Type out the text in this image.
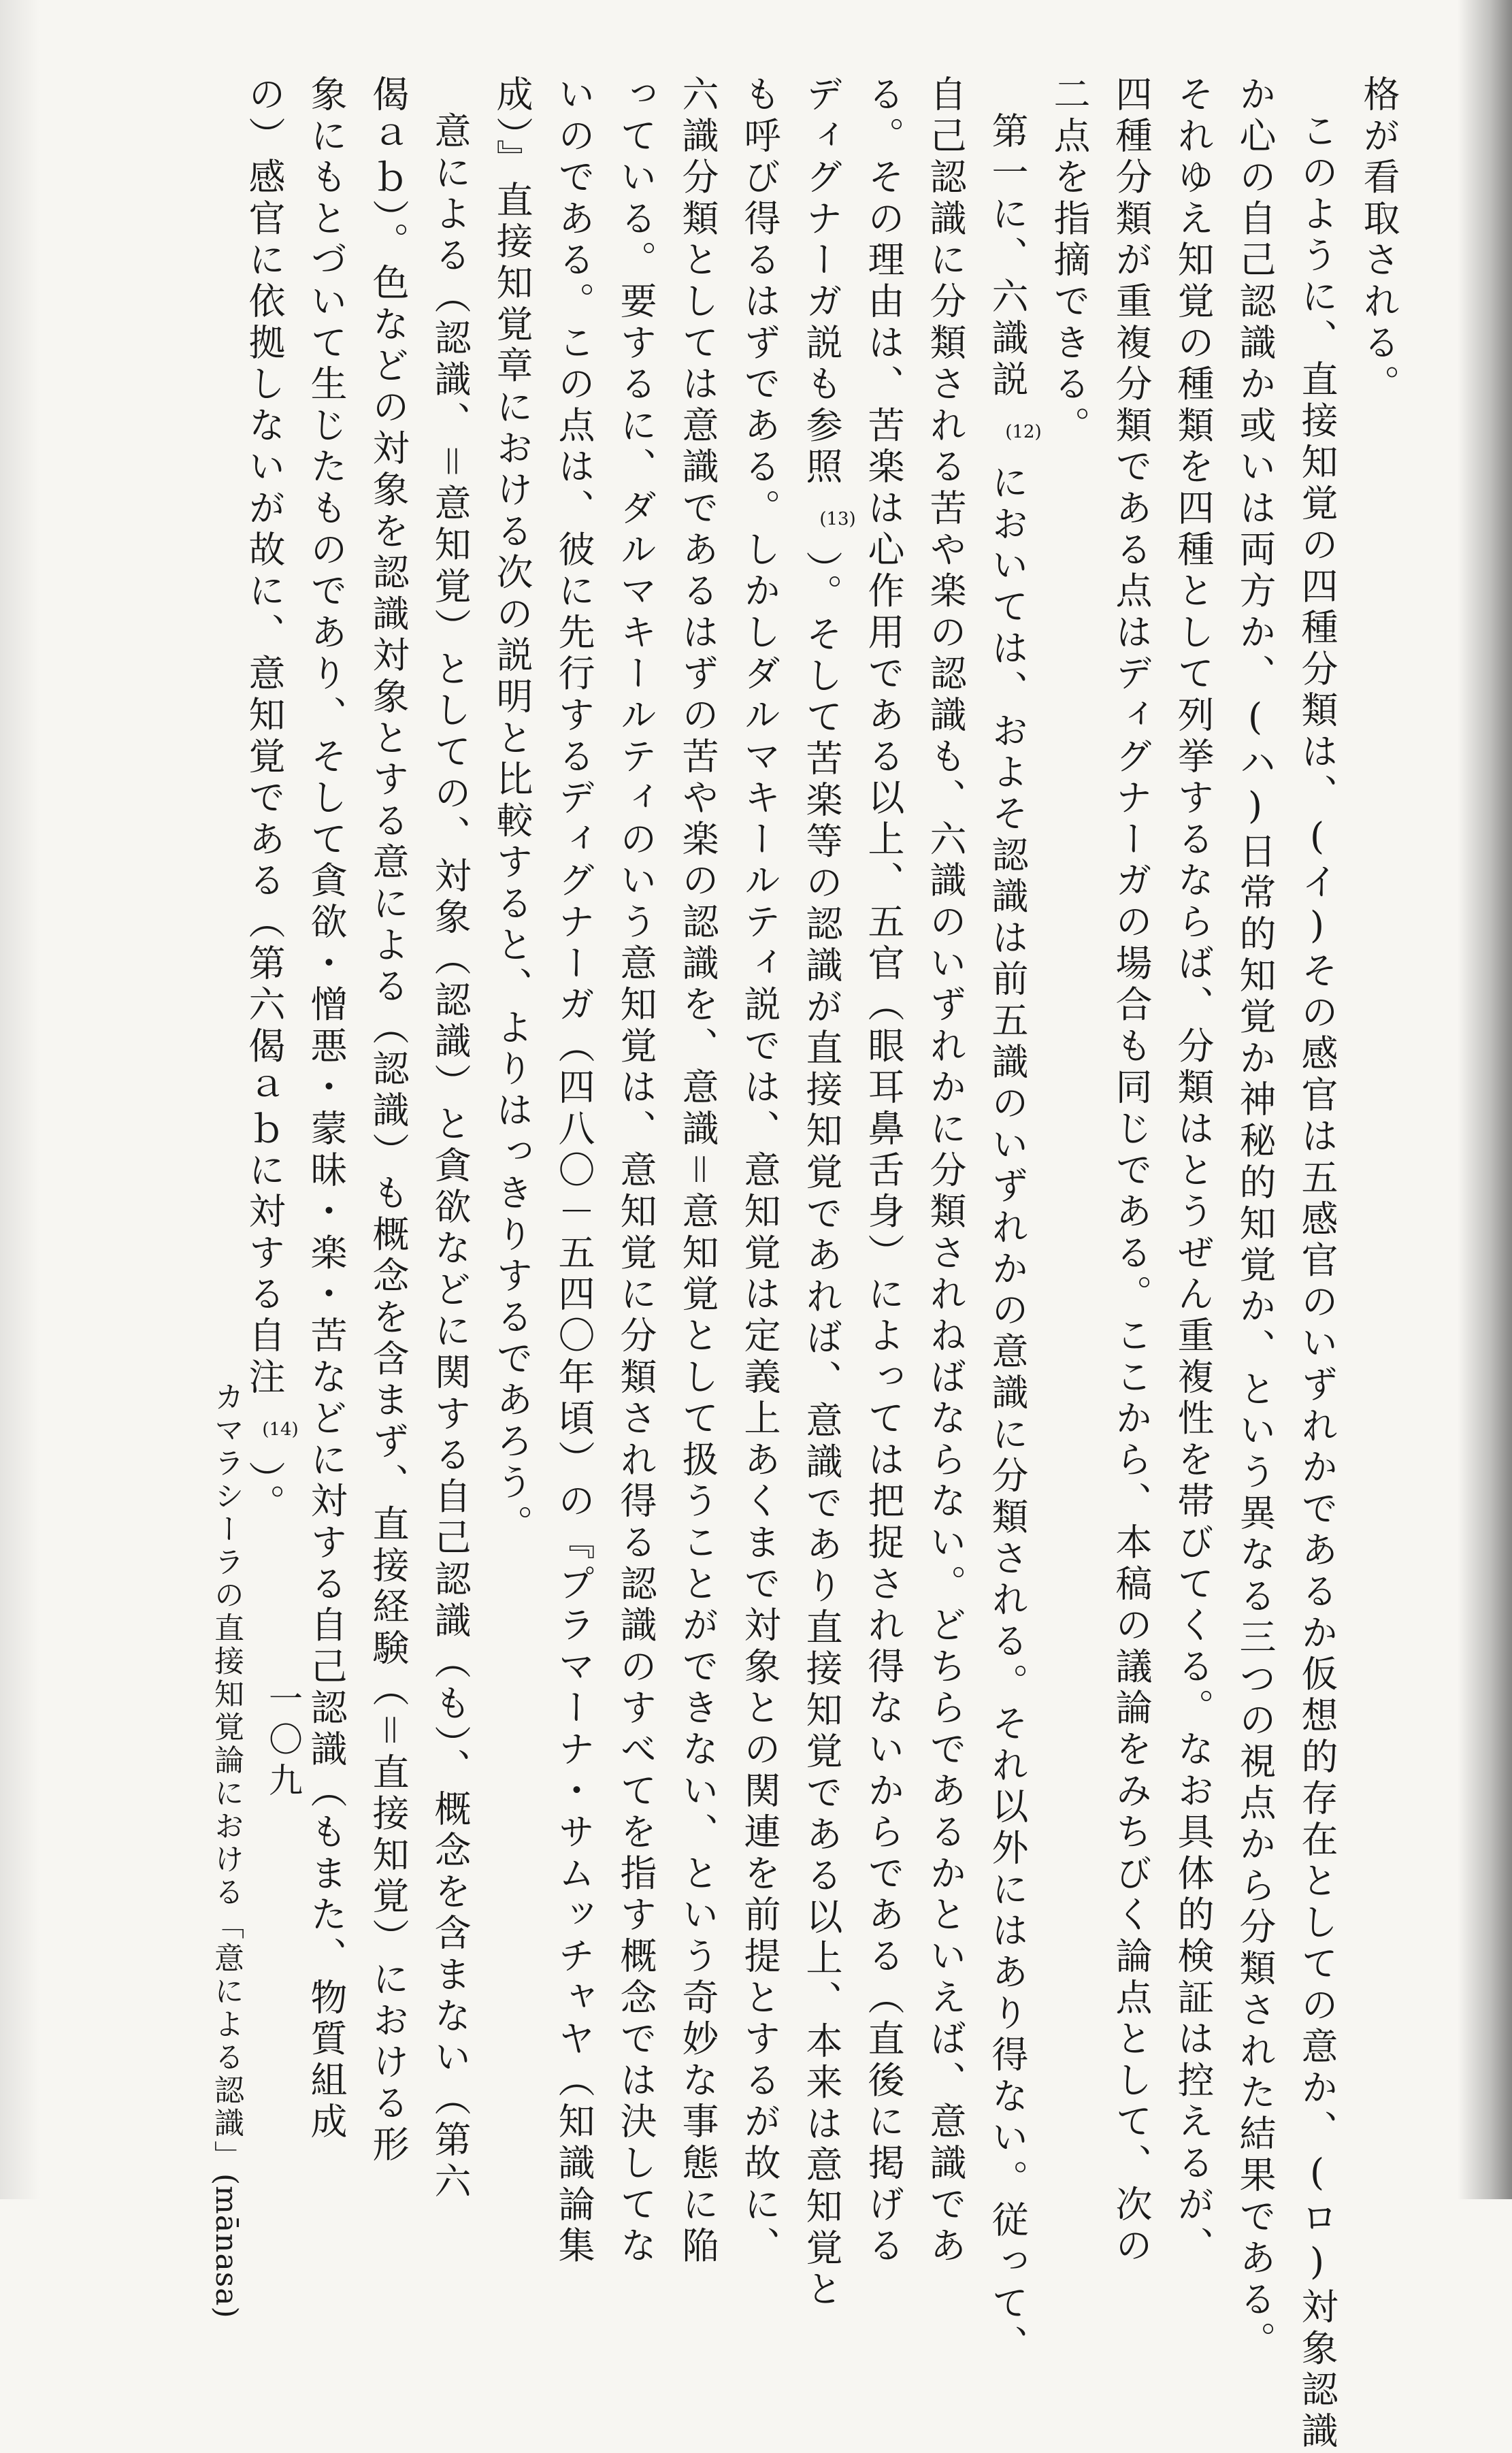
格が看取される。
このように、直接知覚の四種分類は、(イ)その感官は五感官のいずれかであるか仮想的存在としての意か、(ロ)対象認識
か心の自己認識か或いは両方か、(ハ)日常的知覚か神秘的知覚か、という異なる三つの視点から分類された結果である。
それゆえ知覚の種類を四種として列挙するならば、分類はとうぜん重複性を帯びてくる。なお具体的検証は控えるが、
四種分類が重複分類である点はディグナーガの場合も同じである。ここから、本稿の議論をみちびく論点として、次の
二点を指摘できる。
第一に、六識説(12)においては、およそ認識は前五識のいずれかの意識に分類される。それ以外にはあり得ない。従って、
自己認識に分類される苦や楽の認識も、六識のいずれかに分類されねばならない。どちらであるかといえば、意識であ
る。その理由は、苦楽は心作用である以上、五官（眼耳鼻舌身）によっては把捉され得ないからである（直後に掲げる
ディグナーガ説も参照(13)）。そして苦楽等の認識が直接知覚であれば、意識であり直接知覚である以上、本来は意知覚と
も呼び得るはずである。しかしダルマキールティ説では、意知覚は定義上あくまで対象との関連を前提とするが故に、
六識分類としては意識であるはずの苦や楽の認識を、意識＝意知覚として扱うことができない、という奇妙な事態に陥
っている。要するに、ダルマキールティのいう意知覚は、意知覚に分類され得る認識のすべてを指す概念では決してな
いのである。この点は、彼に先行するディグナーガ（四八〇－五四〇年頃）の『プラマーナ・サムッチャヤ（知識論集
成）』直接知覚章における次の説明と比較すると、よりはっきりするであろう。
意による（認識、＝意知覚）としての、対象（認識）と貪欲などに関する自己認識（も）、概念を含まない（第六
偈ａｂ）。色などの対象を認識対象とする意による（認識）も概念を含まず、直接経験（＝直接知覚）における形
象にもとづいて生じたものであり、そして貪欲・憎悪・蒙昧・楽・苦などに対する自己認識（もまた、物質組成
の）感官に依拠しないが故に、意知覚である（第六偈ａｂに対する自注(14)）。
カマラシーラの直接知覚論における「意による認識」(mānasa)
一〇九
